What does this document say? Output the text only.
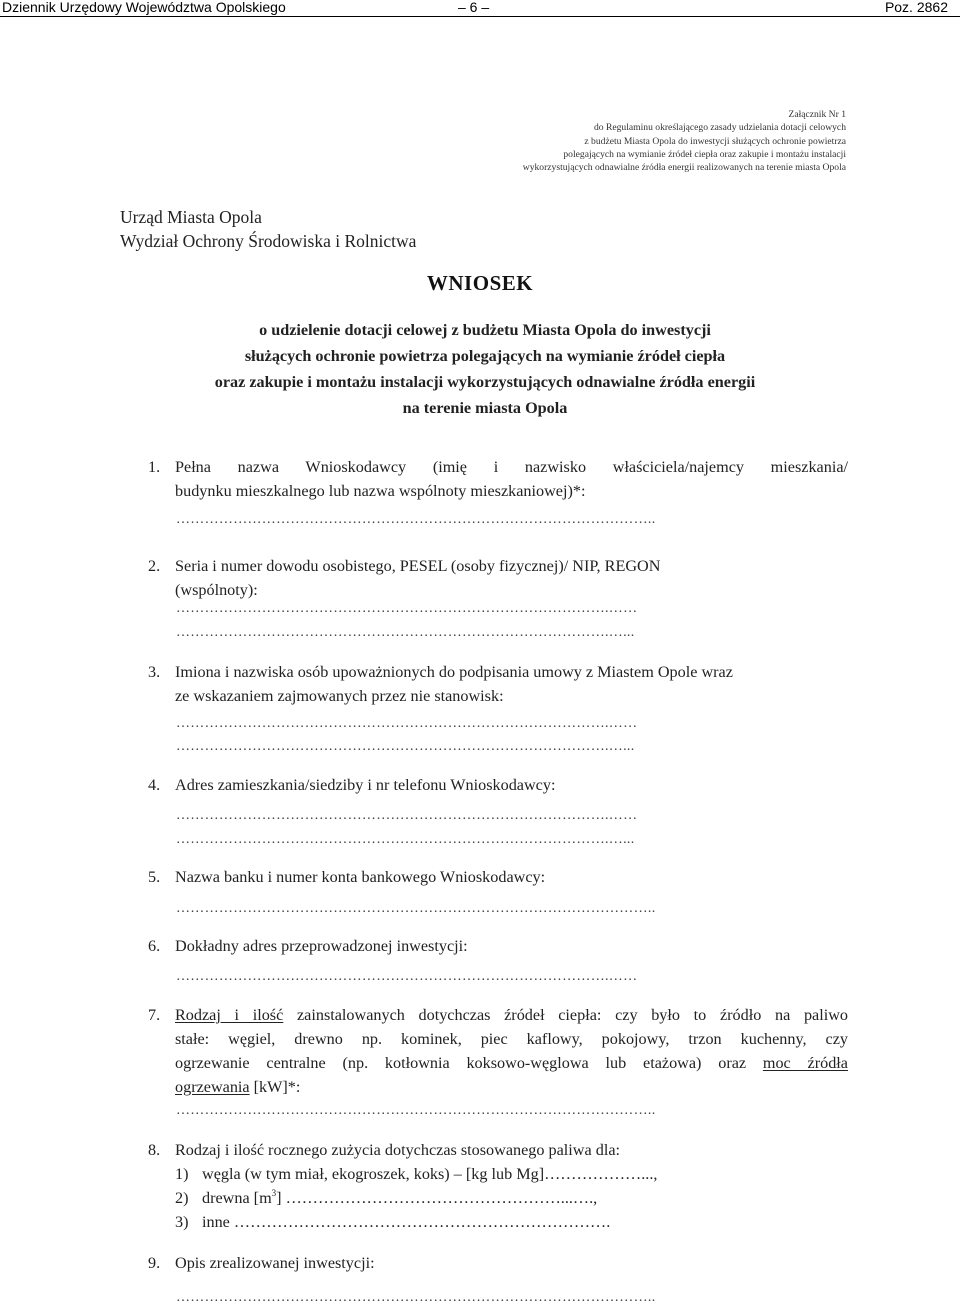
Dziennik Urzędowy Województwa Opolskiego	– 6 –	Poz. 2862
Załącznik Nr 1
do Regulaminu określającego zasady udzielania dotacji celowych
z budżetu Miasta Opola do inwestycji służących ochronie powietrza
polegających na wymianie źródeł ciepła oraz zakupie i montażu instalacji
wykorzystujących odnawialne źródła energii realizowanych na terenie miasta Opola
Urząd Miasta Opola
Wydział Ochrony Środowiska i Rolnictwa
WNIOSEK
o udzielenie dotacji celowej z budżetu Miasta Opola do inwestycji
służących ochronie powietrza polegających na wymianie źródeł ciepła
oraz zakupie i montażu instalacji wykorzystujących odnawialne źródła energii
na terenie miasta Opola
1. Pełna nazwa Wnioskodawcy (imię i nazwisko właściciela/najemcy mieszkania/
budynku mieszkalnego lub nazwa wspólnoty mieszkaniowej)*:
………………………………………………………………………………………..
2. Seria i numer dowodu osobistego, PESEL (osoby fizycznej)/ NIP, REGON
(wspólnoty):
……………………………………………………………………………….……
……………………………………………………………………………….…...
3. Imiona i nazwiska osób upoważnionych do podpisania umowy z Miastem Opole wraz
ze wskazaniem zajmowanych przez nie stanowisk:
……………………………………………………………………………….……
……………………………………………………………………………….…...
4. Adres zamieszkania/siedziby i nr telefonu Wnioskodawcy:
……………………………………………………………………………….……
……………………………………………………………………………….…...
5. Nazwa banku i numer konta bankowego Wnioskodawcy:
………………………………………………………………………………………..
6. Dokładny adres przeprowadzonej inwestycji:
……………………………………………………………………………….……
7. Rodzaj i ilość zainstalowanych dotychczas źródeł ciepła: czy było to źródło na paliwo
stałe: węgiel, drewno np. kominek, piec kaflowy, pokojowy, trzon kuchenny, czy
ogrzewanie centralne (np. kotłownia koksowo-węglowa lub etażowa) oraz moc źródła
ogrzewania [kW]*:
………………………………………………………………………………………..
8. Rodzaj i ilość rocznego zużycia dotychczas stosowanego paliwa dla:
1) węgla (w tym miał, ekogroszek, koks) – [kg lub Mg]………………...,
2) drewna $[m^3]$ ……………………………………………...….,
3) inne …………………………………………………………….
9. Opis zrealizowanej inwestycji:
………………………………………………………………………………………..
